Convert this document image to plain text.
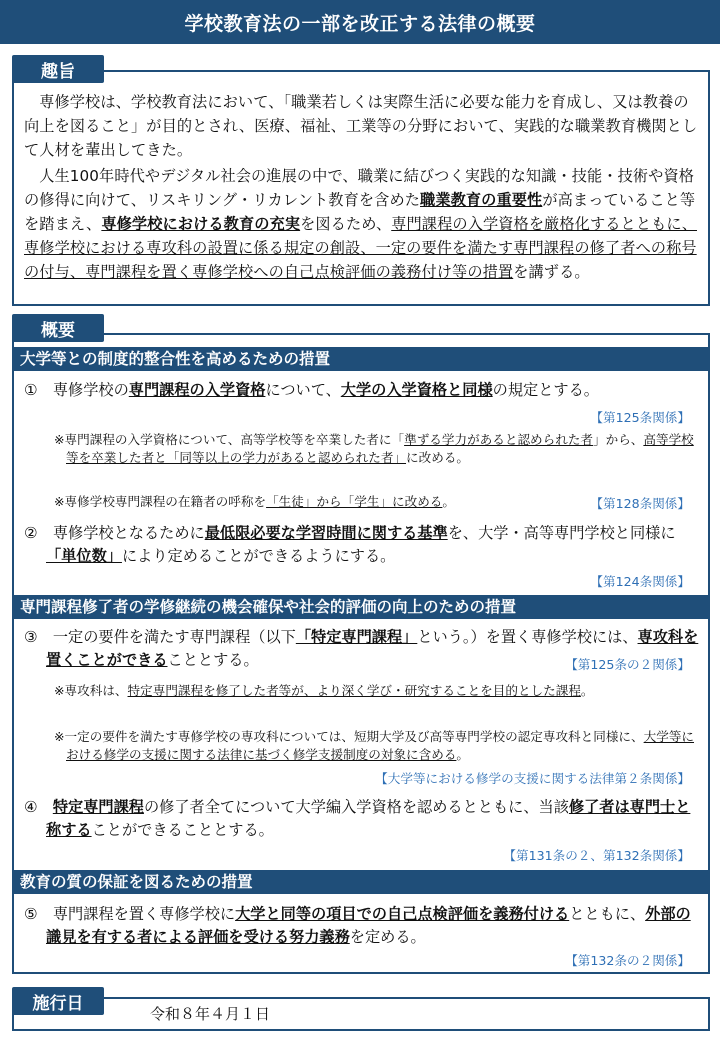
学校教育法の一部を改正する法律の概要
趣旨
専修学校は、学校教育法において、「職業若しくは実際生活に必要な能力を育成し、又は教養の向上を図ること」が目的とされ、医療、福祉、工業等の分野において、実践的な職業教育機関として人材を輩出してきた。
人生100年時代やデジタル社会の進展の中で、職業に結びつく実践的な知識・技能・技術や資格の修得に向けて、リスキリング・リカレント教育を含めた職業教育の重要性が高まっていること等を踏まえ、専修学校における教育の充実を図るため、専門課程の入学資格を厳格化するとともに、専修学校における専攻科の設置に係る規定の創設、一定の要件を満たす専門課程の修了者への称号の付与、専門課程を置く専修学校への自己点検評価の義務付け等の措置を講ずる。
概要
大学等との制度的整合性を高めるための措置
①　 専修学校の専門課程の入学資格について、大学の入学資格と同様の規定とする。
【第125条関係】
※専門課程の入学資格について、高等学校等を卒業した者に「準ずる学力があると認められた者」から、高等学校等を卒業した者と「同等以上の学力があると認められた者」に改める。
※専修学校専門課程の在籍者の呼称を「生徒」から「学生」に改める。	【第128条関係】
②　 専修学校となるために最低限必要な学習時間に関する基準を、大学・高等専門学校と同様に「単位数」により定めることができるようにする。
【第124条関係】
専門課程修了者の学修継続の機会確保や社会的評価の向上のための措置
③　 一定の要件を満たす専門課程（以下「特定専門課程」という。）を置く専修学校には、専攻科を置くことができることとする。	【第125条の２関係】
※専攻科は、特定専門課程を修了した者等が、より深く学び・研究することを目的とした課程。
※一定の要件を満たす専修学校の専攻科については、短期大学及び高等専門学校の認定専攻科と同様に、大学等における修学の支援に関する法律に基づく修学支援制度の対象に含める。
【大学等における修学の支援に関する法律第２条関係】
④　 特定専門課程の修了者全てについて大学編入学資格を認めるとともに、当該修了者は専門士と称することができることとする。
【第131条の２、第132条関係】
教育の質の保証を図るための措置
⑤　 専門課程を置く専修学校に大学と同等の項目での自己点検評価を義務付けるとともに、外部の識見を有する者による評価を受ける努力義務を定める。
【第132条の２関係】
施行日
令和８年４月１日
